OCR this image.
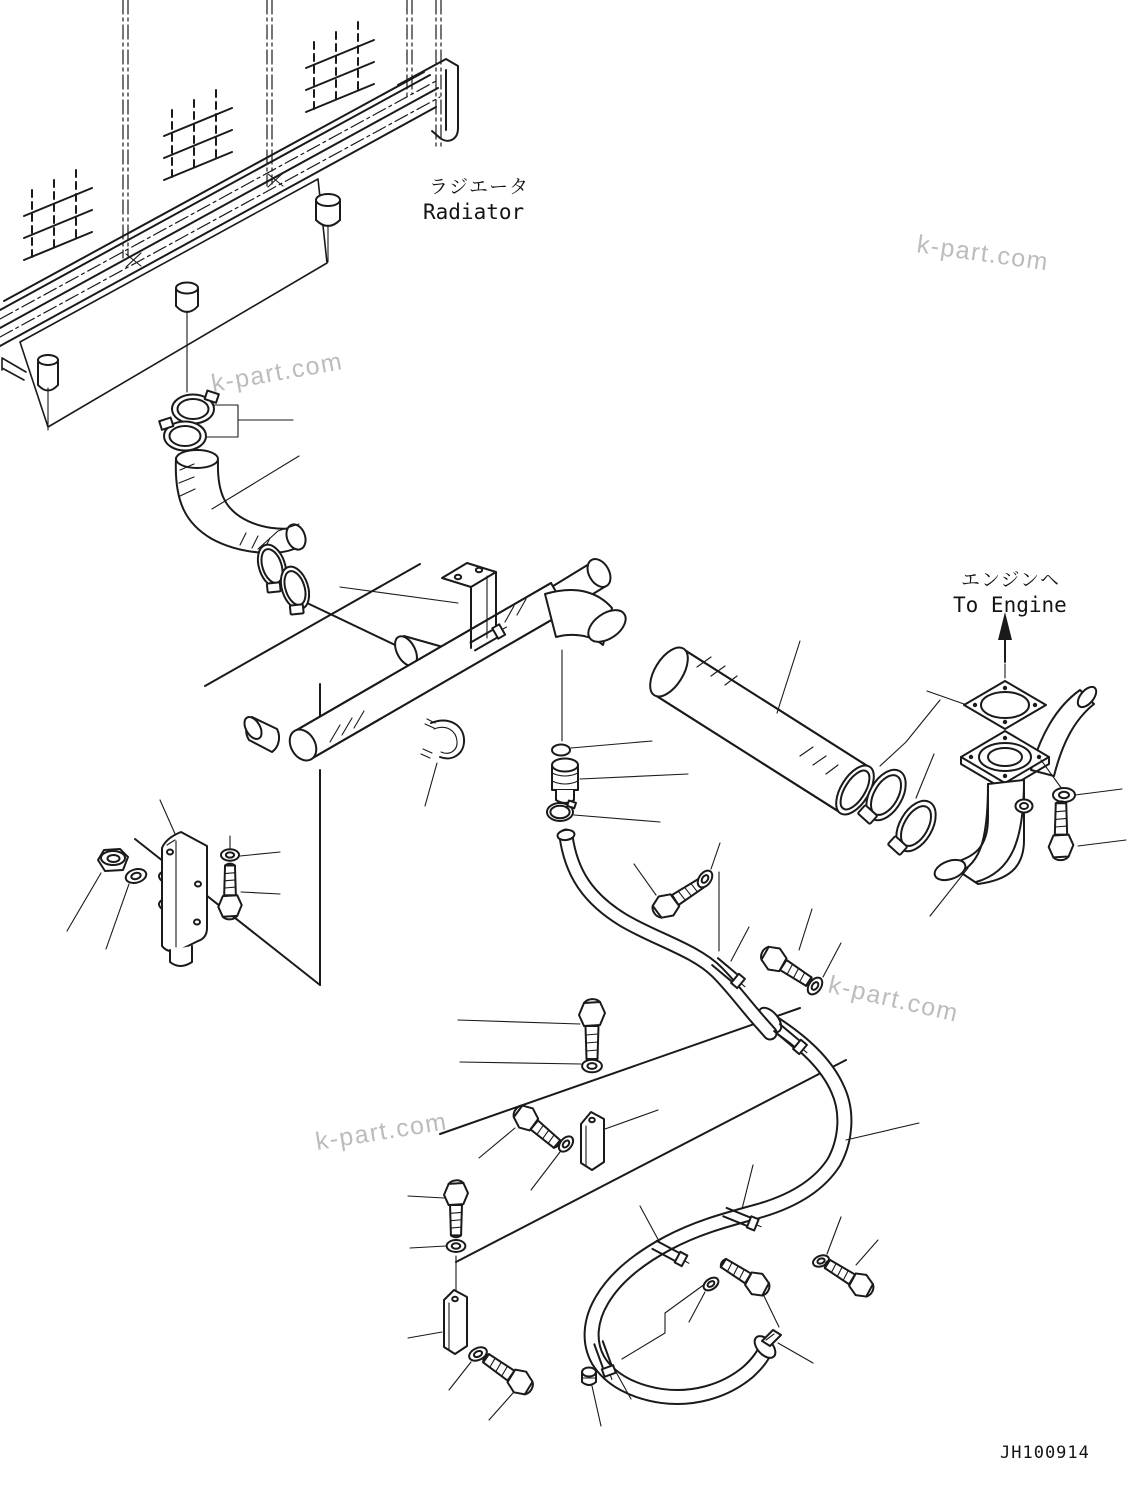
k-part.com
k-part.com
k-part.com
k-part.com
ラジエータ
Radiator
エンジンヘ
To Engine
JH100914
